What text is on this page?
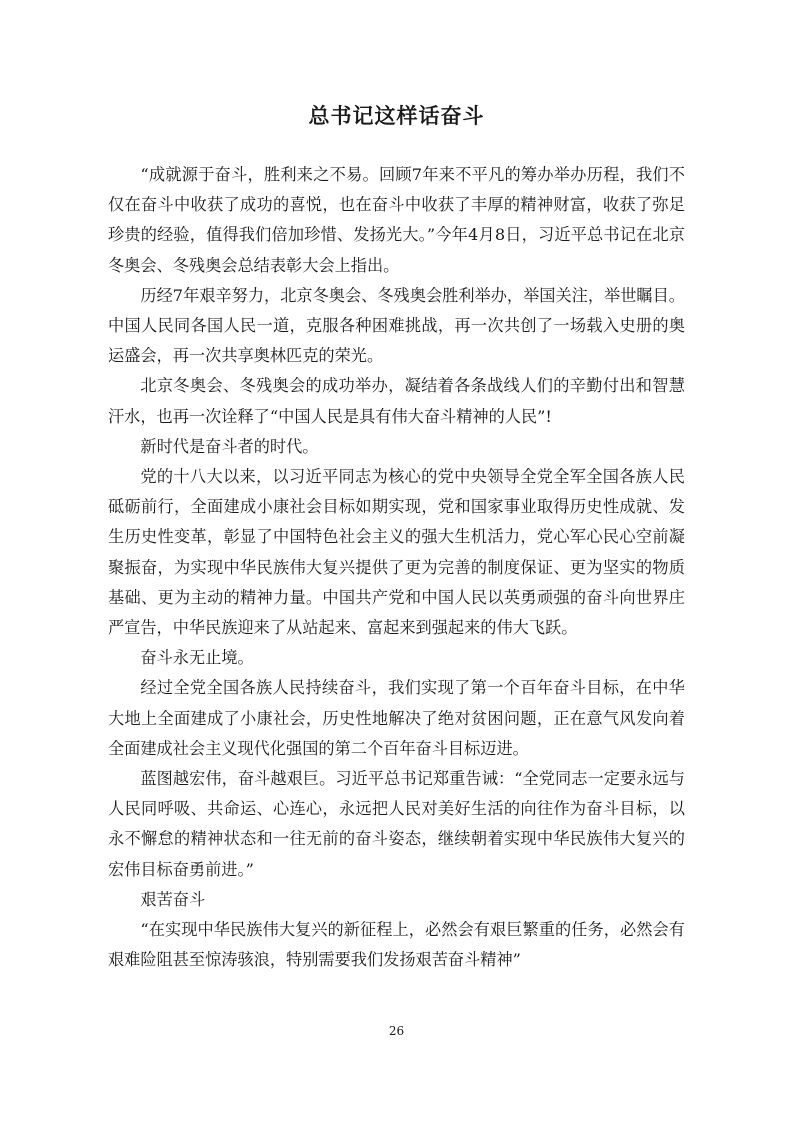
总书记这样话奋斗

“成就源于奋斗，胜利来之不易。回顾7年来不平凡的筹办举办历程，我们不仅在奋斗中收获了成功的喜悦，也在奋斗中收获了丰厚的精神财富，收获了弥足珍贵的经验，值得我们倍加珍惜、发扬光大。”今年4月8日，习近平总书记在北京冬奥会、冬残奥会总结表彰大会上指出。

历经7年艰辛努力，北京冬奥会、冬残奥会胜利举办，举国关注，举世瞩目。中国人民同各国人民一道，克服各种困难挑战，再一次共创了一场载入史册的奥运盛会，再一次共享奥林匹克的荣光。

北京冬奥会、冬残奥会的成功举办，凝结着各条战线人们的辛勤付出和智慧汗水，也再一次诠释了“中国人民是具有伟大奋斗精神的人民”!

新时代是奋斗者的时代。

党的十八大以来，以习近平同志为核心的党中央领导全党全军全国各族人民砥砺前行，全面建成小康社会目标如期实现，党和国家事业取得历史性成就、发生历史性变革，彰显了中国特色社会主义的强大生机活力，党心军心民心空前凝聚振奋，为实现中华民族伟大复兴提供了更为完善的制度保证、更为坚实的物质基础、更为主动的精神力量。中国共产党和中国人民以英勇顽强的奋斗向世界庄严宣告，中华民族迎来了从站起来、富起来到强起来的伟大飞跃。

奋斗永无止境。

经过全党全国各族人民持续奋斗，我们实现了第一个百年奋斗目标，在中华大地上全面建成了小康社会，历史性地解决了绝对贫困问题，正在意气风发向着全面建成社会主义现代化强国的第二个百年奋斗目标迈进。

蓝图越宏伟，奋斗越艰巨。习近平总书记郑重告诫：“全党同志一定要永远与人民同呼吸、共命运、心连心，永远把人民对美好生活的向往作为奋斗目标，以永不懈怠的精神状态和一往无前的奋斗姿态，继续朝着实现中华民族伟大复兴的宏伟目标奋勇前进。”

艰苦奋斗

“在实现中华民族伟大复兴的新征程上，必然会有艰巨繁重的任务，必然会有艰难险阻甚至惊涛骇浪，特别需要我们发扬艰苦奋斗精神”

26
